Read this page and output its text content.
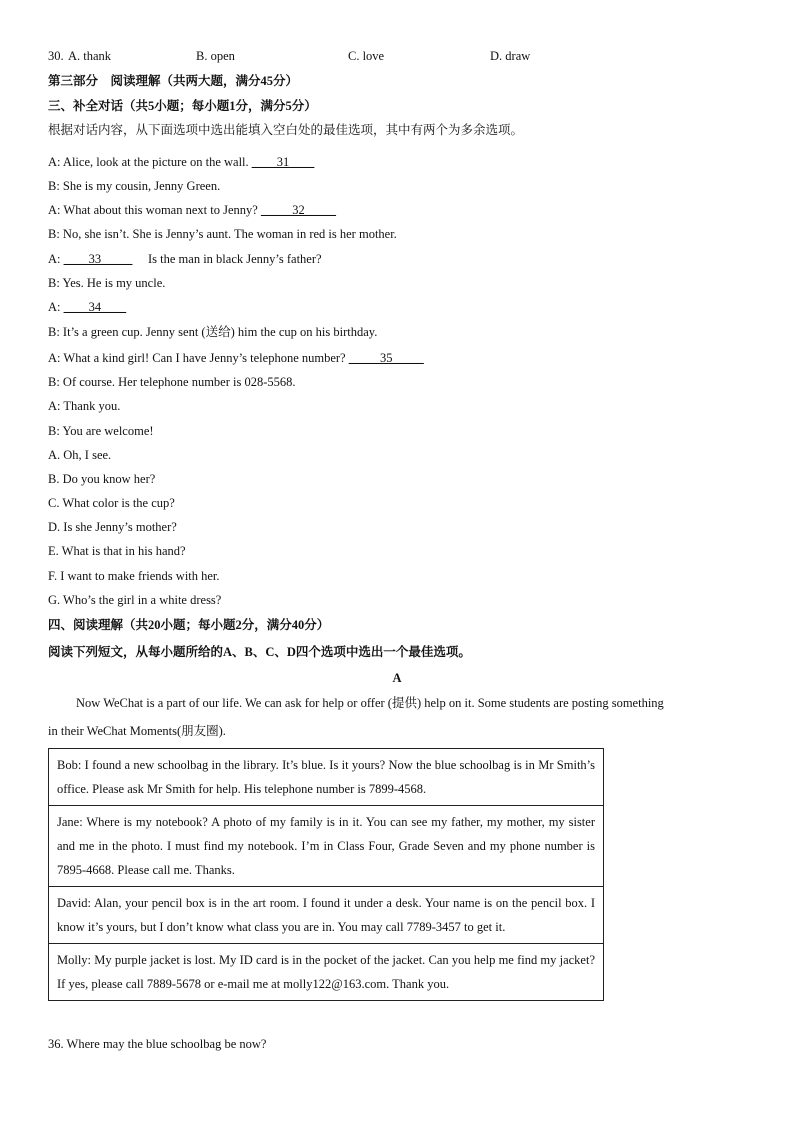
30. A. thank	B. open	C. love	D. draw
第三部分　阅读理解（共两大题，满分45分）
三、补全对话（共5小题；每小题1分，满分5分）
根据对话内容，从下面选项中选出能填入空白处的最佳选项，其中有两个为多余选项。
A: Alice, look at the picture on the wall. ____31____
B: She is my cousin, Jenny Green.
A: What about this woman next to Jenny? _____32_____
B: No, she isn’t. She is Jenny’s aunt. The woman in red is her mother.
A: ____33_____     Is the man in black Jenny’s father?
B: Yes. He is my uncle.
A: ____34____
B: It’s a green cup. Jenny sent (送给) him the cup on his birthday.
A: What a kind girl! Can I have Jenny’s telephone number? _____35_____
B: Of course. Her telephone number is 028-5568.
A: Thank you.
B: You are welcome!
A. Oh, I see.
B. Do you know her?
C. What color is the cup?
D. Is she Jenny’s mother?
E. What is that in his hand?
F. I want to make friends with her.
G. Who’s the girl in a white dress?
四、阅读理解（共20小题；每小题2分，满分40分）
阅读下列短文，从每小题所给的A、B、C、D四个选项中选出一个最佳选项。
A
Now WeChat is a part of our life. We can ask for help or offer (提供) help on it. Some students are posting something
in their WeChat Moments(朋友圈).
Bob: I found a new schoolbag in the library. It’s blue. Is it yours? Now the blue schoolbag is in Mr Smith’s office. Please ask Mr Smith for help. His telephone number is 7899-4568.
Jane: Where is my notebook? A photo of my family is in it. You can see my father, my mother, my sister and me in the photo. I must find my notebook. I’m in Class Four, Grade Seven and my phone number is 7895-4668. Please call me. Thanks.
David: Alan, your pencil box is in the art room. I found it under a desk. Your name is on the pencil box. I know it’s yours, but I don’t know what class you are in. You may call 7789-3457 to get it.
Molly: My purple jacket is lost. My ID card is in the pocket of the jacket. Can you help me find my jacket? If yes, please call 7889-5678 or e-mail me at molly122@163.com. Thank you.
36. Where may the blue schoolbag be now?
